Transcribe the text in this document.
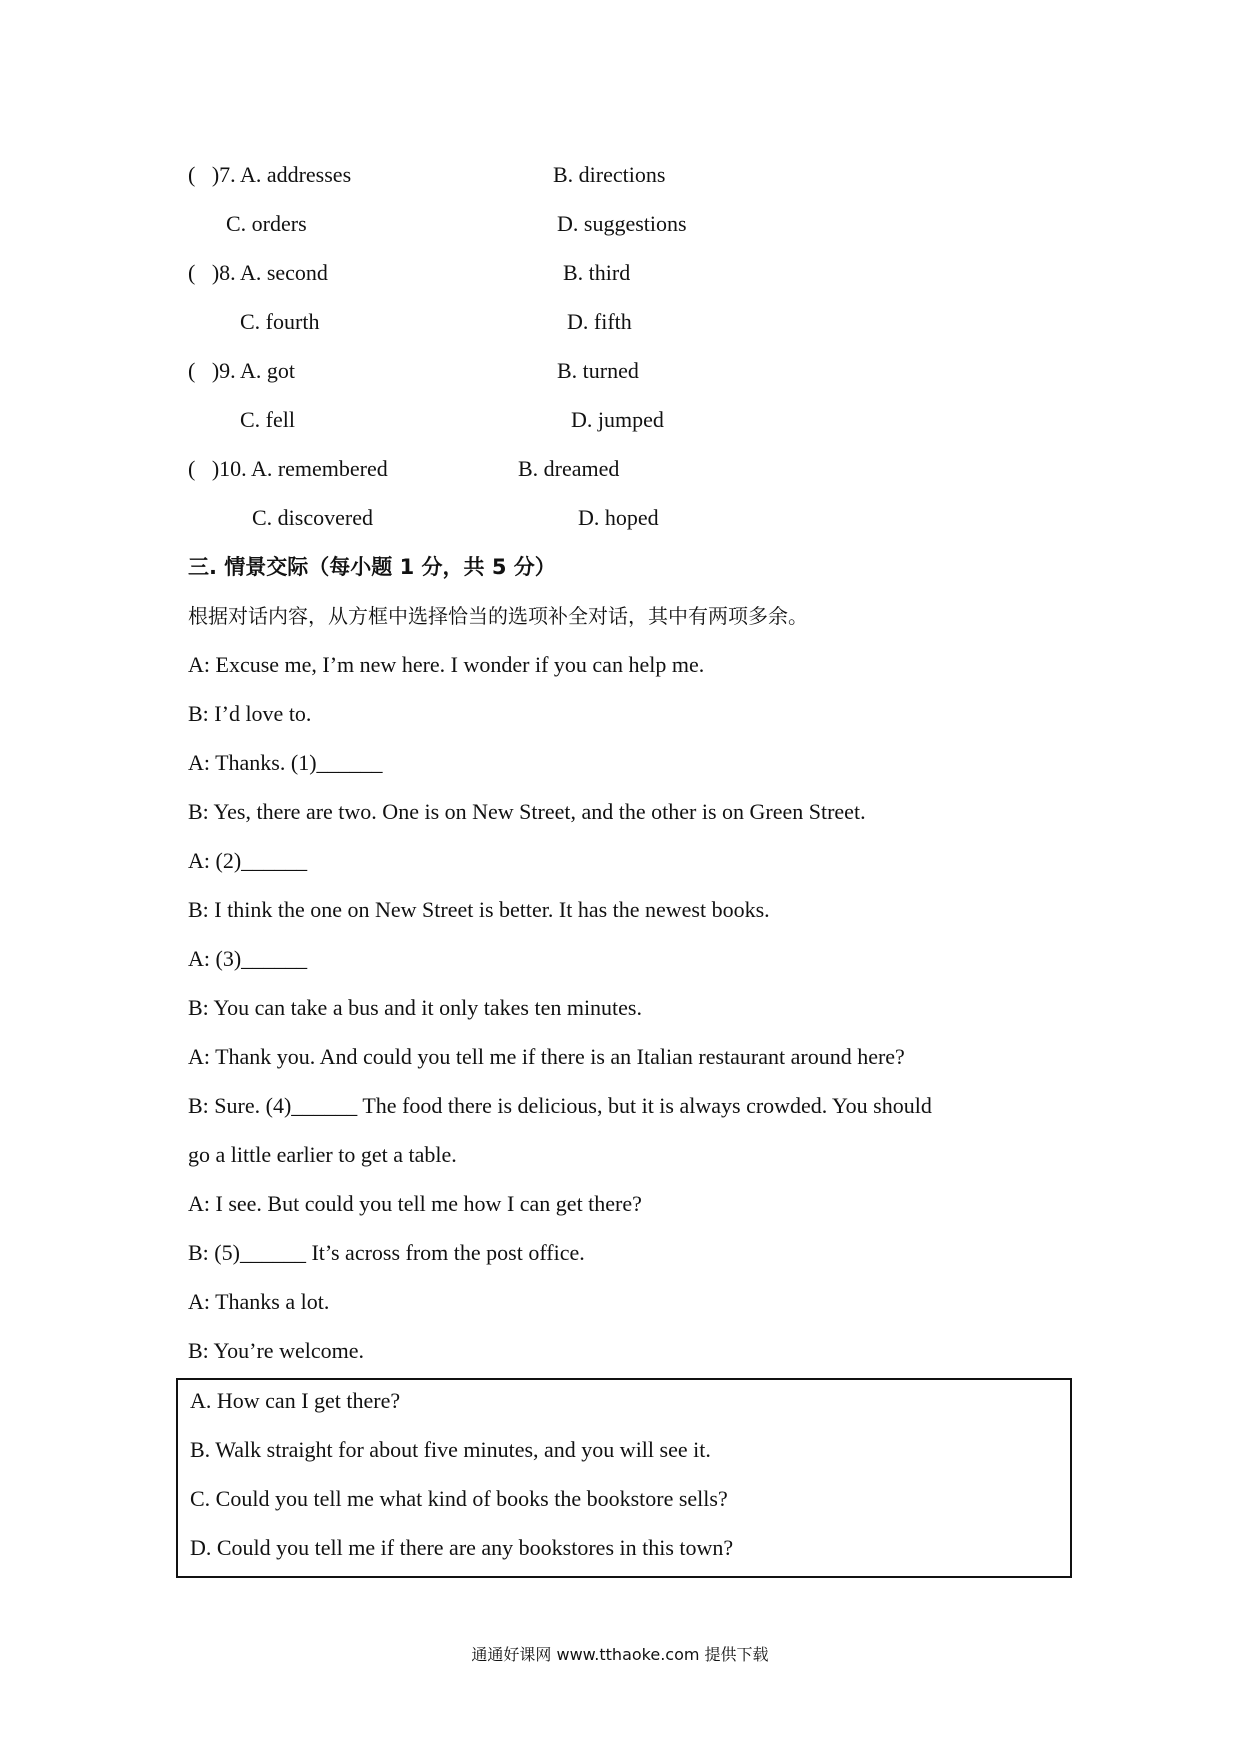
(   )7. A. addresses	B. directions
C. orders	D. suggestions
(   )8. A. second	B. third
C. fourth	D. fifth
(   )9. A. got	B. turned
C. fell	D. jumped
(   )10. A. remembered	B. dreamed
C. discovered	D. hoped
三. 情景交际（每小题 1 分，共 5 分）
根据对话内容，从方框中选择恰当的选项补全对话，其中有两项多余。
A: Excuse me, I’m new here. I wonder if you can help me.
B: I’d love to.
A: Thanks. (1)______
B: Yes, there are two. One is on New Street, and the other is on Green Street.
A: (2)______
B: I think the one on New Street is better. It has the newest books.
A: (3)______
B: You can take a bus and it only takes ten minutes.
A: Thank you. And could you tell me if there is an Italian restaurant around here?
B: Sure. (4)______ The food there is delicious, but it is always crowded. You should
go a little earlier to get a table.
A: I see. But could you tell me how I can get there?
B: (5)______ It’s across from the post office.
A: Thanks a lot.
B: You’re welcome.
A. How can I get there?
B. Walk straight for about five minutes, and you will see it.
C. Could you tell me what kind of books the bookstore sells?
D. Could you tell me if there are any bookstores in this town?
通通好课网 www.tthaoke.com 提供下载
